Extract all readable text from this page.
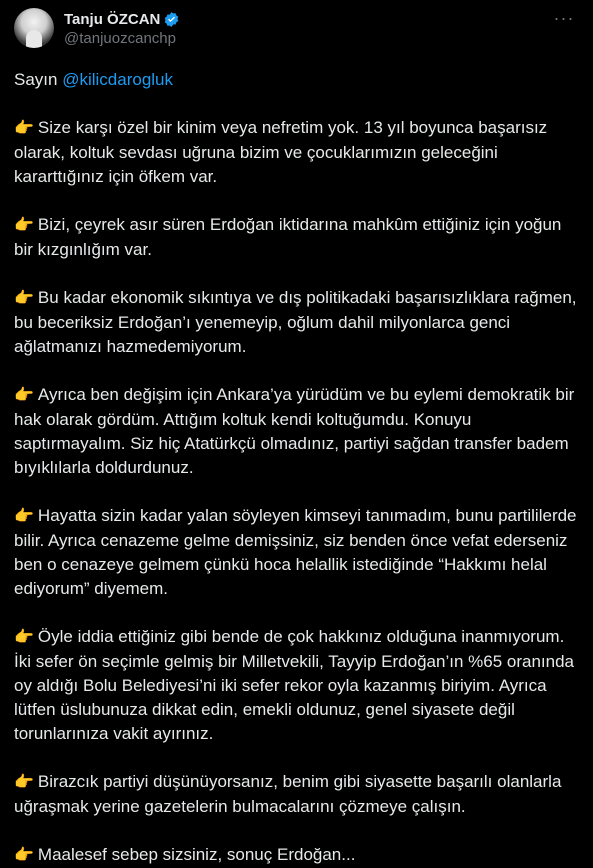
Tanju ÖZCAN
@tanjuozcanchp
···

Sayın @kilicdarogluk

👉 Size karşı özel bir kinim veya nefretim yok. 13 yıl boyunca başarısız olarak, koltuk sevdası uğruna bizim ve çocuklarımızın geleceğini kararttığınız için öfkem var.

👉 Bizi, çeyrek asır süren Erdoğan iktidarına mahkûm ettiğiniz için yoğun bir kızgınlığım var.

👉 Bu kadar ekonomik sıkıntıya ve dış politikadaki başarısızlıklara rağmen, bu beceriksiz Erdoğan’ı yenemeyip, oğlum dahil milyonlarca genci ağlatmanızı hazmedemiyorum.

👉 Ayrıca ben değişim için Ankara’ya yürüdüm ve bu eylemi demokratik bir hak olarak gördüm. Attığım koltuk kendi koltuğumdu. Konuyu saptırmayalım. Siz hiç Atatürkçü olmadınız, partiyi sağdan transfer badem bıyıklılarla doldurdunuz.

👉 Hayatta sizin kadar yalan söyleyen kimseyi tanımadım, bunu partililerde bilir. Ayrıca cenazeme gelme demişsiniz, siz benden önce vefat ederseniz ben o cenazeye gelmem çünkü hoca helallik istediğinde “Hakkımı helal ediyorum” diyemem.

👉 Öyle iddia ettiğiniz gibi bende de çok hakkınız olduğuna inanmıyorum. İki sefer ön seçimle gelmiş bir Milletvekili, Tayyip Erdoğan’ın %65 oranında oy aldığı Bolu Belediyesi’ni iki sefer rekor oyla kazanmış biriyim. Ayrıca lütfen üslubunuza dikkat edin, emekli oldunuz, genel siyasete değil torunlarınıza vakit ayırınız.

👉 Birazcık partiyi düşünüyorsanız, benim gibi siyasette başarılı olanlarla uğraşmak yerine gazetelerin bulmacalarını çözmeye çalışın.

👉 Maalesef sebep sizsiniz, sonuç Erdoğan...
